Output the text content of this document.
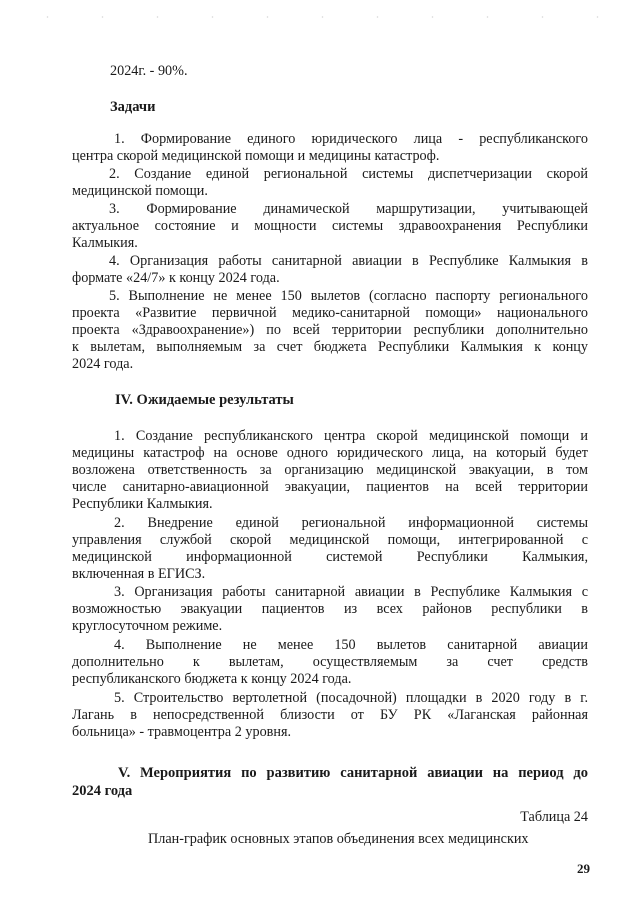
2024г. - 90%.
Задачи
1. Формирование единого юридического лица - республиканского
центра скорой медицинской помощи и медицины катастроф.
2. Создание единой региональной системы диспетчеризации скорой
медицинской помощи.
3. Формирование динамической маршрутизации, учитывающей
актуальное состояние и мощности системы здравоохранения Республики
Калмыкия.
4. Организация работы санитарной авиации в Республике Калмыкия в
формате «24/7» к концу 2024 года.
5. Выполнение не менее 150 вылетов (согласно паспорту регионального
проекта «Развитие первичной медико-санитарной помощи» национального
проекта «Здравоохранение») по всей территории республики дополнительно
к вылетам, выполняемым за счет бюджета Республики Калмыкия к концу
2024 года.
IV. Ожидаемые результаты
1. Создание республиканского центра скорой медицинской помощи и
медицины катастроф на основе одного юридического лица, на который будет
возложена ответственность за организацию медицинской эвакуации, в том
числе санитарно-авиационной эвакуации, пациентов на всей территории
Республики Калмыкия.
2. Внедрение единой региональной информационной системы
управления службой скорой медицинской помощи, интегрированной с
медицинской информационной системой Республики Калмыкия,
включенная в ЕГИСЗ.
3. Организация работы санитарной авиации в Республике Калмыкия с
возможностью эвакуации пациентов из всех районов республики в
круглосуточном режиме.
4. Выполнение не менее 150 вылетов санитарной авиации
дополнительно к вылетам, осуществляемым за счет средств
республиканского бюджета к концу 2024 года.
5. Строительство вертолетной (посадочной) площадки в 2020 году в г.
Лагань в непосредственной близости от БУ РК «Лаганская районная
больница» - травмоцентра 2 уровня.
V. Мероприятия по развитию санитарной авиации на период до
2024 года
Таблица 24
План-график основных этапов объединения всех медицинских
29
